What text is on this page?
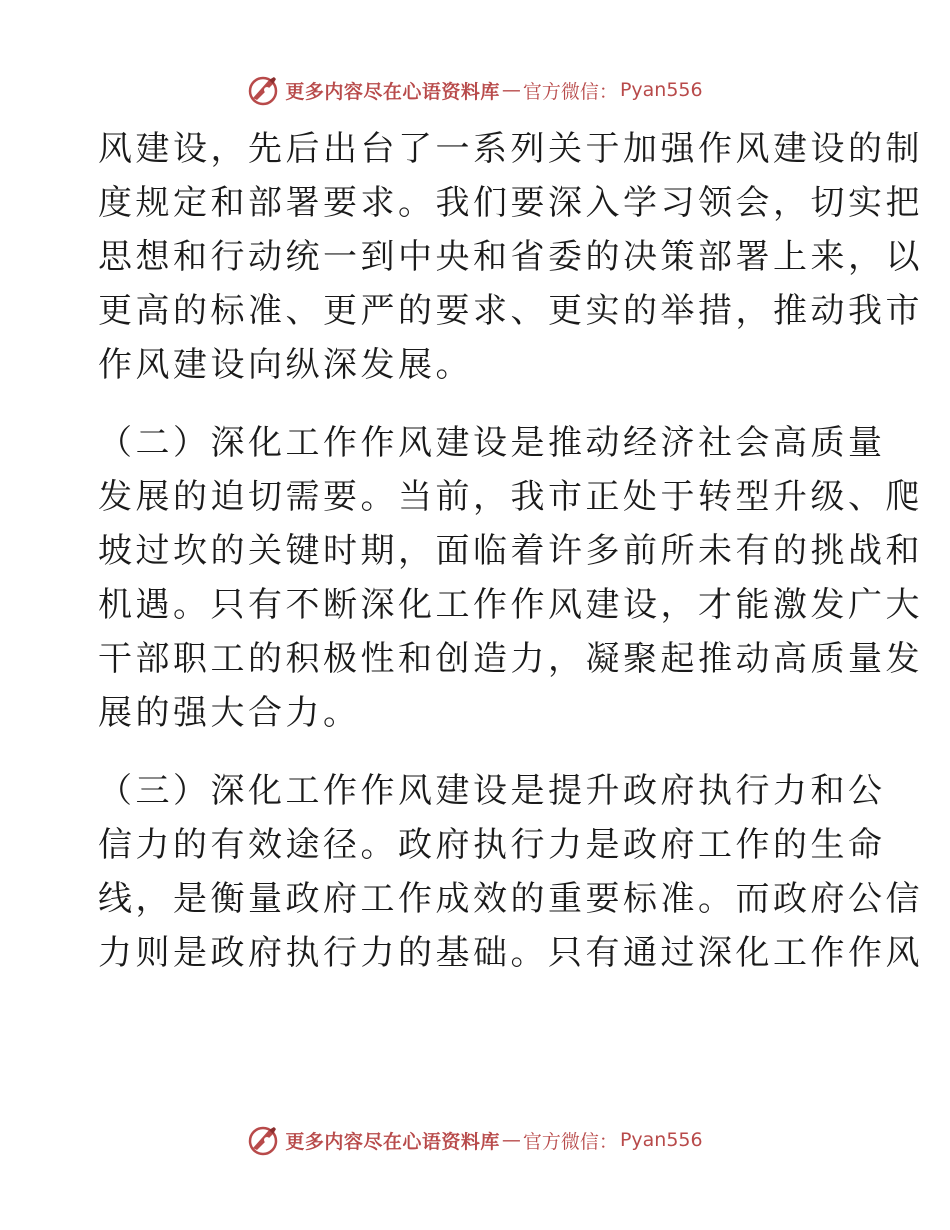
更多内容尽在心语资料库 — 官方微信： Pyan556
风建设，先后出台了一系列关于加强作风建设的制
度规定和部署要求。我们要深入学习领会，切实把
思想和行动统一到中央和省委的决策部署上来，以
更高的标准、更严的要求、更实的举措，推动我市
作风建设向纵深发展。
（二）深化工作作风建设是推动经济社会高质量
发展的迫切需要。当前，我市正处于转型升级、爬
坡过坎的关键时期，面临着许多前所未有的挑战和
机遇。只有不断深化工作作风建设，才能激发广大
干部职工的积极性和创造力，凝聚起推动高质量发
展的强大合力。
（三）深化工作作风建设是提升政府执行力和公
信力的有效途径。政府执行力是政府工作的生命
线，是衡量政府工作成效的重要标准。而政府公信
力则是政府执行力的基础。只有通过深化工作作风
更多内容尽在心语资料库 — 官方微信： Pyan556
